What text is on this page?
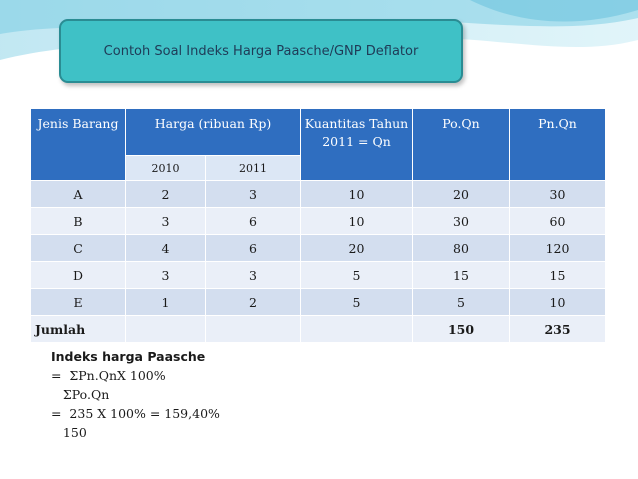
Contoh Soal Indeks Harga Paasche/GNP Deflator
Jenis Barang	Harga (ribuan Rp)		Kuantitas Tahun 2011 = Qn	Po.Qn	Pn.Qn
	2010	2011			
A	2	3	10	20	30
B	3	6	10	30	60
C	4	6	20	80	120
D	3	3	5	15	15
E	1	2	5	5	10
Jumlah				150	235
Indeks harga Paasche
=  ΣPn.QnX 100%
ΣPo.Qn
=  235 X 100% = 159,40%
150
